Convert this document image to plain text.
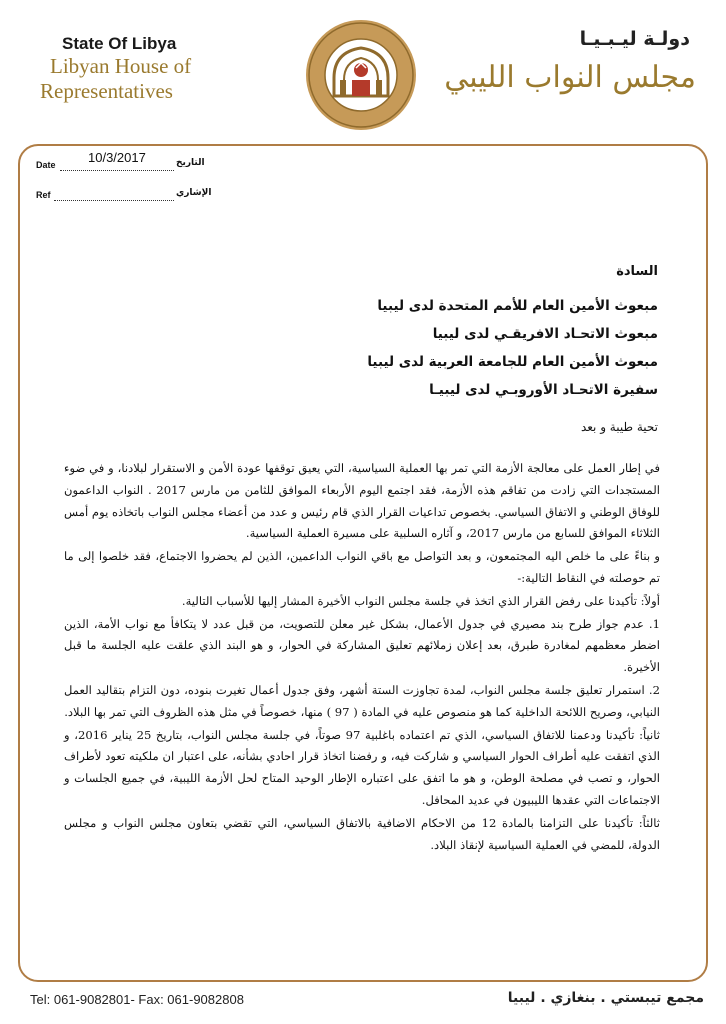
State Of Libya
Libyan House of
Representatives
دولـة ليـبـيـا
مجلس النواب الليبي
Date 10/3/2017	التاريخ
Ref	الإشاري
السادة
مبعوث الأمين العام للأمم المتحدة لدى ليبيا
مبعوث الاتحـاد الافريقـي لدى ليبيا
مبعوث الأمين العام للجامعة العربية لدى ليبيا
سفيرة الاتحـاد الأوروبـي لدى ليبيـا
تحية طيبة و بعد

في إطار العمل على معالجة الأزمة التي تمر بها العملية السياسية، التي يعيق توقفها عودة الأمن و الاستقرار لبلادنا، و في ضوء المستجدات التي زادت من تفاقم هذه الأزمة، فقد اجتمع اليوم الأربعاء الموافق للثامن من مارس 2017 . النواب الداعمون للوفاق الوطني و الاتفاق السياسي. بخصوص تداعيات القرار الذي قام رئيس و عدد من أعضاء مجلس النواب باتخاذه يوم أمس الثلاثاء الموافق للسابع من مارس 2017، و آثاره السلبية على مسيرة العملية السياسية.

و بناءً على ما خلص اليه المجتمعون، و بعد التواصل مع باقي النواب الداعمين، الذين لم يحضروا الاجتماع، فقد خلصوا إلى ما تم حوصلته في النقاط التالية:-

أولاً: تأكيدنا على رفض القرار الذي اتخذ في جلسة مجلس النواب الأخيرة المشار إليها للأسباب التالية.

1. عدم جواز طرح بند مصيري في جدول الأعمال، بشكل غير معلن للتصويت، من قبل عدد لا يتكافأ مع نواب الأمة، الذين اضطر معظمهم لمغادرة طبرق، بعد إعلان زملائهم تعليق المشاركة في الحوار، و هو البند الذي علقت عليه الجلسة ما قبل الأخيرة.

2. استمرار تعليق جلسة مجلس النواب، لمدة تجاوزت الستة أشهر، وفق جدول أعمال تغيرت بنوده، دون التزام بتقاليد العمل النيابي، وصريح اللائحة الداخلية كما هو منصوص عليه في المادة ( 97 ) منها، خصوصاً في مثل هذه الظروف التي تمر بها البلاد.

ثانياً: تأكيدنا ودعمنا للاتفاق السياسي، الذي تم اعتماده باغلبية 97 صوتاً، في جلسة مجلس النواب، بتاريخ 25 يناير 2016، و الذي اتفقت عليه أطراف الحوار السياسي و شاركت فيه، و رفضنا اتخاذ قرار احادي بشأنه، على اعتبار ان ملكيته تعود لأطراف الحوار، و تصب في مصلحة الوطن، و هو ما اتفق على اعتباره الإطار الوحيد المتاح لحل الأزمة الليبية، في جميع الجلسات و الاجتماعات التي عقدها الليبيون في عديد المحافل.

ثالثاً: تأكيدنا على التزامنا بالمادة 12 من الاحكام الاضافية بالاتفاق السياسي، التي تقضي بتعاون مجلس النواب و مجلس الدولة، للمضي في العملية السياسية لإنقاذ البلاد.

Tel: 061-9082801- Fax: 061-9082808	مجمع تيبستي . بنغازي . ليبيا
